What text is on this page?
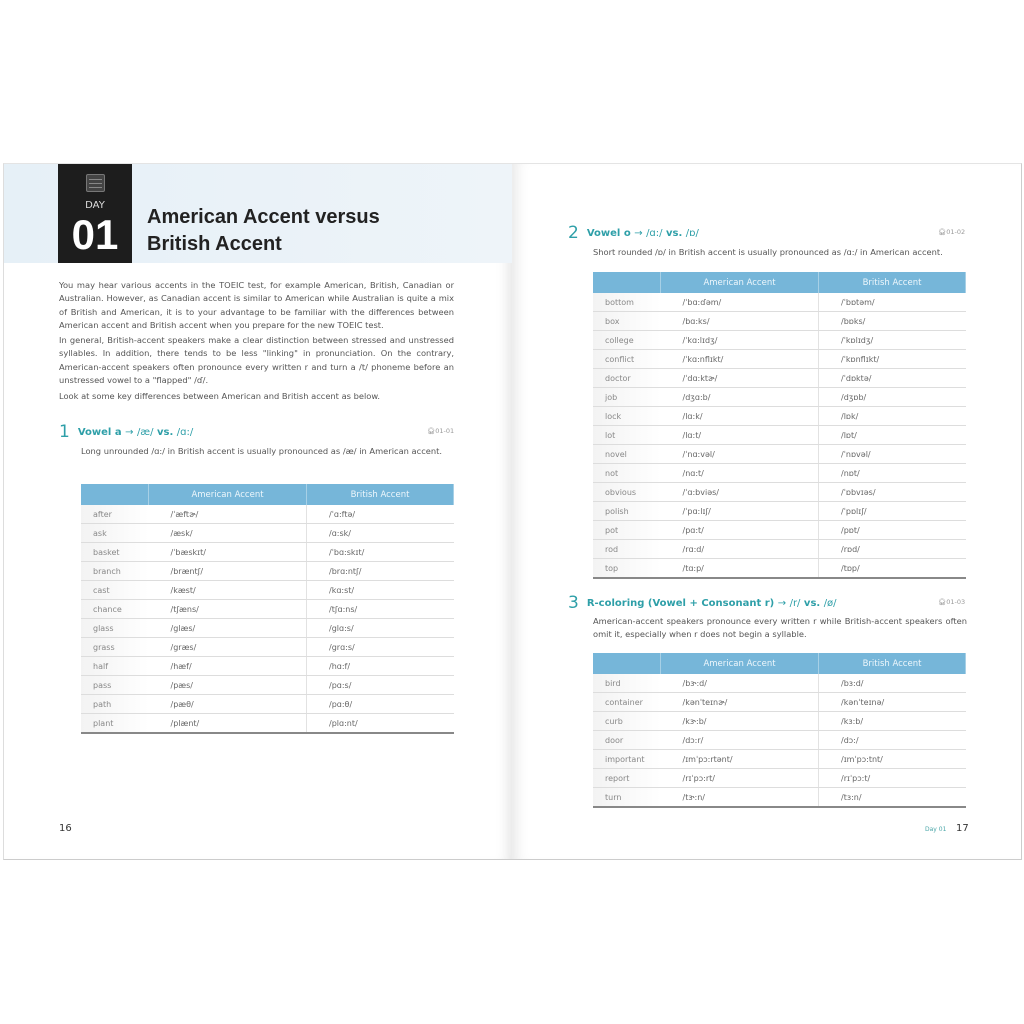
DAY
01	American Accent versus
British Accent
You may hear various accents in the TOEIC test, for example American, British, Canadian or Australian. However, as Canadian accent is similar to American while Australian is quite a mix of British and American, it is to your advantage to be familiar with the differences between American accent and British accent when you prepare for the new TOEIC test.
In general, British-accent speakers make a clear distinction between stressed and unstressed syllables. In addition, there tends to be less "linking" in pronunciation. On the contrary, American-accent speakers often pronounce every written r and turn a /t/ phoneme before an unstressed vowel to a "flapped" /ɗ/.
Look at some key differences between American and British accent as below.
1 Vowel a → /æ/ vs. /ɑ:/	🎧︎01-01
Long unrounded /ɑ:/ in British accent is usually pronounced as /æ/ in American accent.
	American Accent	British Accent
after	/ˈæftɚ/	/ˈɑ:ftə/
ask	/æsk/	/ɑ:sk/
basket	/ˈbæskɪt/	/ˈbɑ:skɪt/
branch	/bræntʃ/	/brɑ:ntʃ/
cast	/kæst/	/kɑ:st/
chance	/tʃæns/	/tʃɑ:ns/
glass	/glæs/	/glɑ:s/
grass	/græs/	/grɑ:s/
half	/hæf/	/hɑ:f/
pass	/pæs/	/pɑ:s/
path	/pæθ/	/pɑ:θ/
plant	/plænt/	/plɑ:nt/
16
2 Vowel o → /ɑ:/ vs. /ɒ/	🎧︎01-02
Short rounded /ɒ/ in British accent is usually pronounced as /ɑ:/ in American accent.
	American Accent	British Accent
bottom	/ˈbɑ:ɗəm/	/ˈbɒtəm/
box	/bɑ:ks/	/bɒks/
college	/ˈkɑ:lɪdʒ/	/ˈkɒlɪdʒ/
conflict	/ˈkɑ:nflɪkt/	/ˈkɒnflɪkt/
doctor	/ˈdɑ:ktɚ/	/ˈdɒktə/
job	/dʒɑ:b/	/dʒɒb/
lock	/lɑ:k/	/lɒk/
lot	/lɑ:t/	/lɒt/
novel	/ˈnɑ:vəl/	/ˈnɒvəl/
not	/nɑ:t/	/nɒt/
obvious	/ˈɑ:bviəs/	/ˈɒbvɪəs/
polish	/ˈpɑ:lɪʃ/	/ˈpɒlɪʃ/
pot	/pɑ:t/	/pɒt/
rod	/rɑ:d/	/rɒd/
top	/tɑ:p/	/tɒp/
3 R-coloring (Vowel + Consonant r) → /r/ vs. /ø/	🎧︎01-03
American-accent speakers pronounce every written r while British-accent speakers often omit it, especially when r does not begin a syllable.
	American Accent	British Accent
bird	/bɝ:d/	/bɜ:d/
container	/kənˈteɪnɚ/	/kənˈteɪnə/
curb	/kɝ:b/	/kɜ:b/
door	/dɔ:r/	/dɔ:/
important	/ɪmˈpɔ:rtənt/	/ɪmˈpɔ:tnt/
report	/rɪˈpɔ:rt/	/rɪˈpɔ:t/
turn	/tɝ:n/	/tɜ:n/
Day 01 17
